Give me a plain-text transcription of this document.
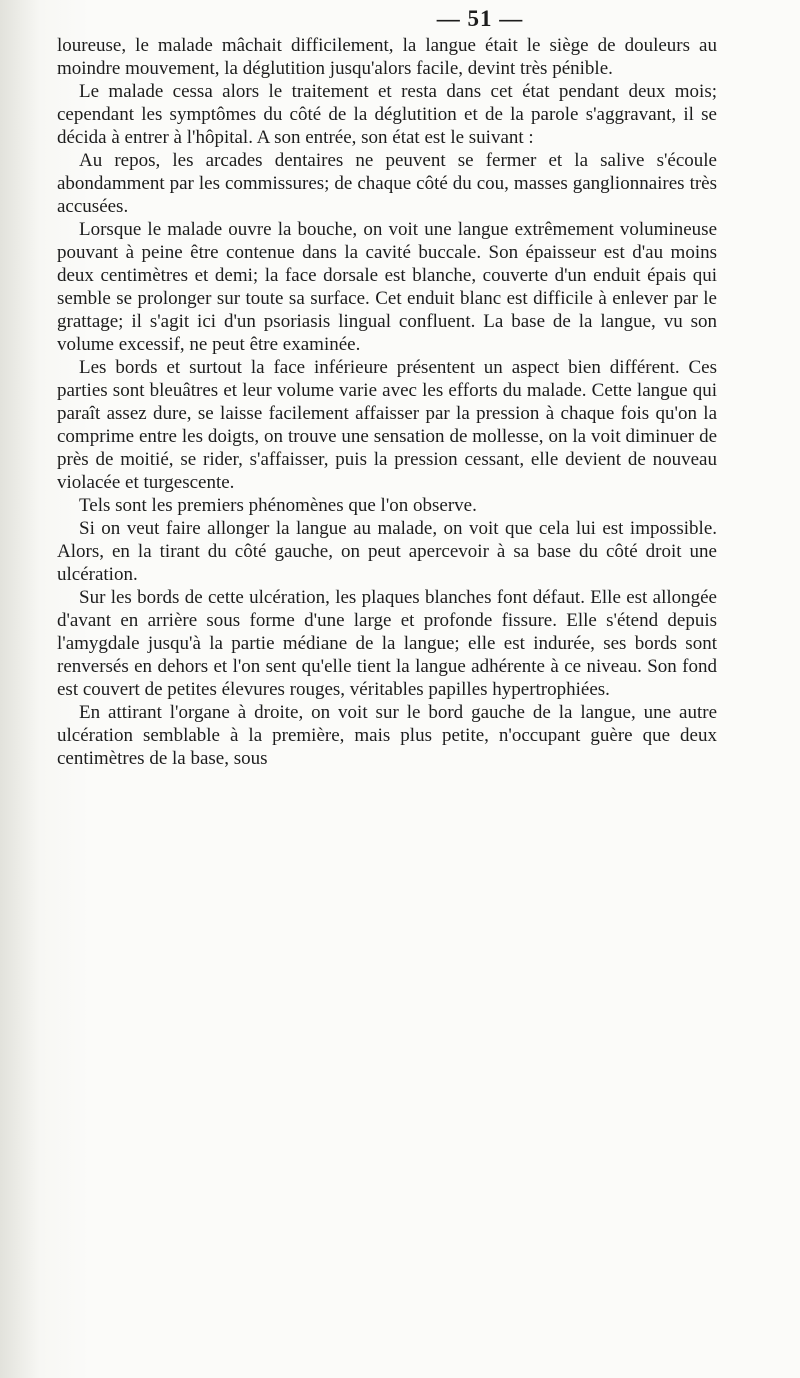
— 51 —

loureuse, le malade mâchait difficilement, la langue était le siège de douleurs au moindre mouvement, la déglutition jusqu'alors facile, devint très pénible.

Le malade cessa alors le traitement et resta dans cet état pendant deux mois; cependant les symptômes du côté de la déglutition et de la parole s'aggravant, il se décida à entrer à l'hôpital. A son entrée, son état est le suivant :

Au repos, les arcades dentaires ne peuvent se fermer et la salive s'écoule abondamment par les commissures; de chaque côté du cou, masses ganglionnaires très accusées.

Lorsque le malade ouvre la bouche, on voit une langue extrêmement volumineuse pouvant à peine être contenue dans la cavité buccale. Son épaisseur est d'au moins deux centimètres et demi; la face dorsale est blanche, couverte d'un enduit épais qui semble se prolonger sur toute sa surface. Cet enduit blanc est difficile à enlever par le grattage; il s'agit ici d'un psoriasis lingual confluent. La base de la langue, vu son volume excessif, ne peut être examinée.

Les bords et surtout la face inférieure présentent un aspect bien différent. Ces parties sont bleuâtres et leur volume varie avec les efforts du malade. Cette langue qui paraît assez dure, se laisse facilement affaisser par la pression à chaque fois qu'on la comprime entre les doigts, on trouve une sensation de mollesse, on la voit diminuer de près de moitié, se rider, s'affaisser, puis la pression cessant, elle devient de nouveau violacée et turgescente.

Tels sont les premiers phénomènes que l'on observe.

Si on veut faire allonger la langue au malade, on voit que cela lui est impossible. Alors, en la tirant du côté gauche, on peut apercevoir à sa base du côté droit une ulcération.

Sur les bords de cette ulcération, les plaques blanches font défaut. Elle est allongée d'avant en arrière sous forme d'une large et profonde fissure. Elle s'étend depuis l'amygdale jusqu'à la partie médiane de la langue; elle est indurée, ses bords sont renversés en dehors et l'on sent qu'elle tient la langue adhérente à ce niveau. Son fond est couvert de petites élevures rouges, véritables papilles hypertrophiées.

En attirant l'organe à droite, on voit sur le bord gauche de la langue, une autre ulcération semblable à la première, mais plus petite, n'occupant guère que deux centimètres de la base, sous
